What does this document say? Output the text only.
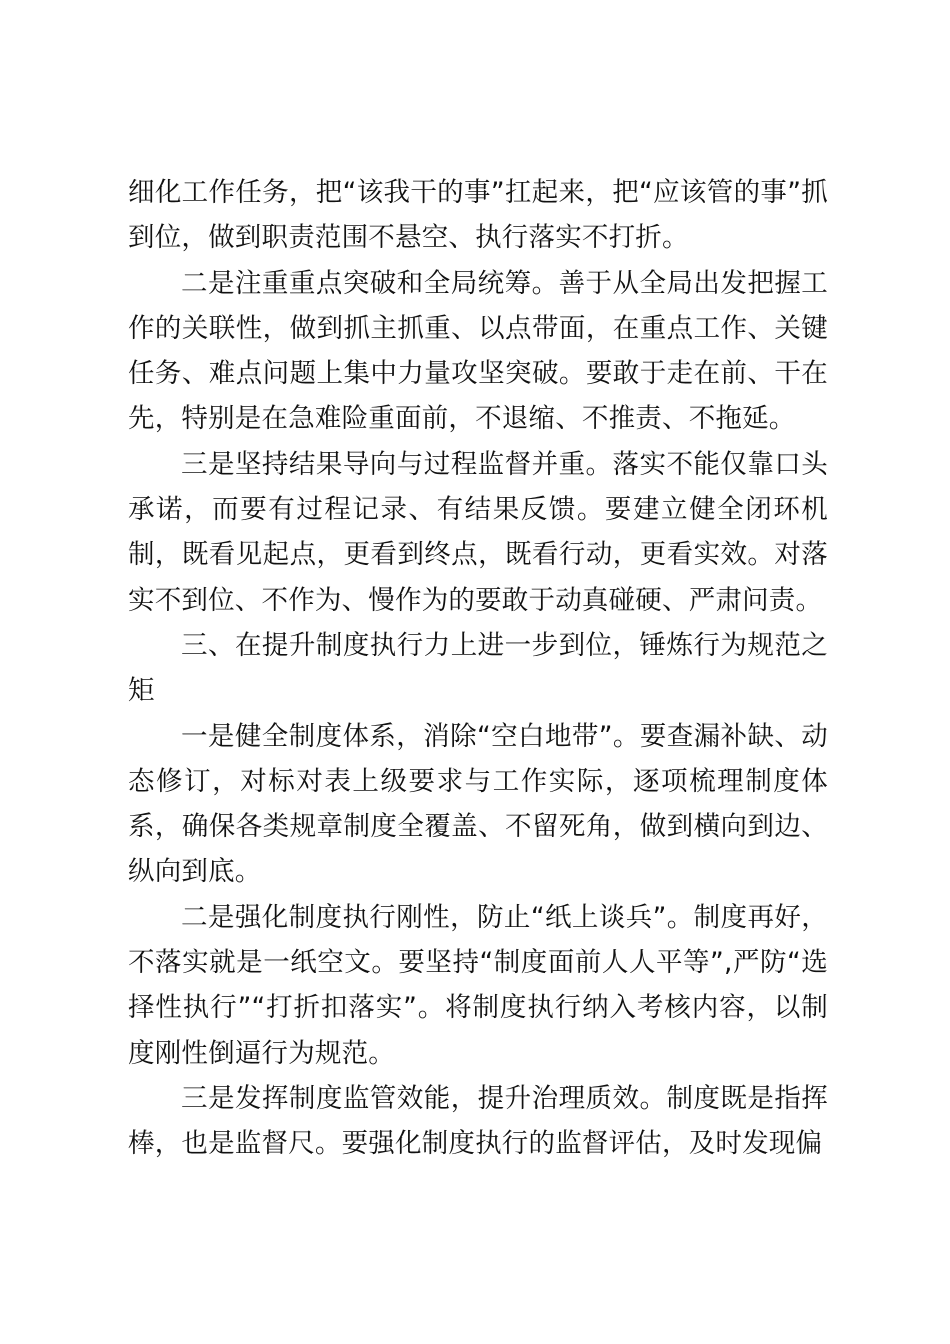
细化工作任务，把“该我干的事”扛起来，把“应该管的事”抓到位，做到职责范围不悬空、执行落实不打折。

二是注重重点突破和全局统筹。善于从全局出发把握工作的关联性，做到抓主抓重、以点带面，在重点工作、关键任务、难点问题上集中力量攻坚突破。要敢于走在前、干在先，特别是在急难险重面前，不退缩、不推责、不拖延。

三是坚持结果导向与过程监督并重。落实不能仅靠口头承诺，而要有过程记录、有结果反馈。要建立健全闭环机制，既看见起点，更看到终点，既看行动，更看实效。对落实不到位、不作为、慢作为的要敢于动真碰硬、严肃问责。

三、在提升制度执行力上进一步到位，锤炼行为规范之矩

一是健全制度体系，消除“空白地带”。要查漏补缺、动态修订，对标对表上级要求与工作实际，逐项梳理制度体系，确保各类规章制度全覆盖、不留死角，做到横向到边、纵向到底。

二是强化制度执行刚性，防止“纸上谈兵”。制度再好，不落实就是一纸空文。要坚持“制度面前人人平等”,严防“选择性执行”“打折扣落实”。将制度执行纳入考核内容，以制度刚性倒逼行为规范。

三是发挥制度监管效能，提升治理质效。制度既是指挥棒，也是监督尺。要强化制度执行的监督评估，及时发现偏
